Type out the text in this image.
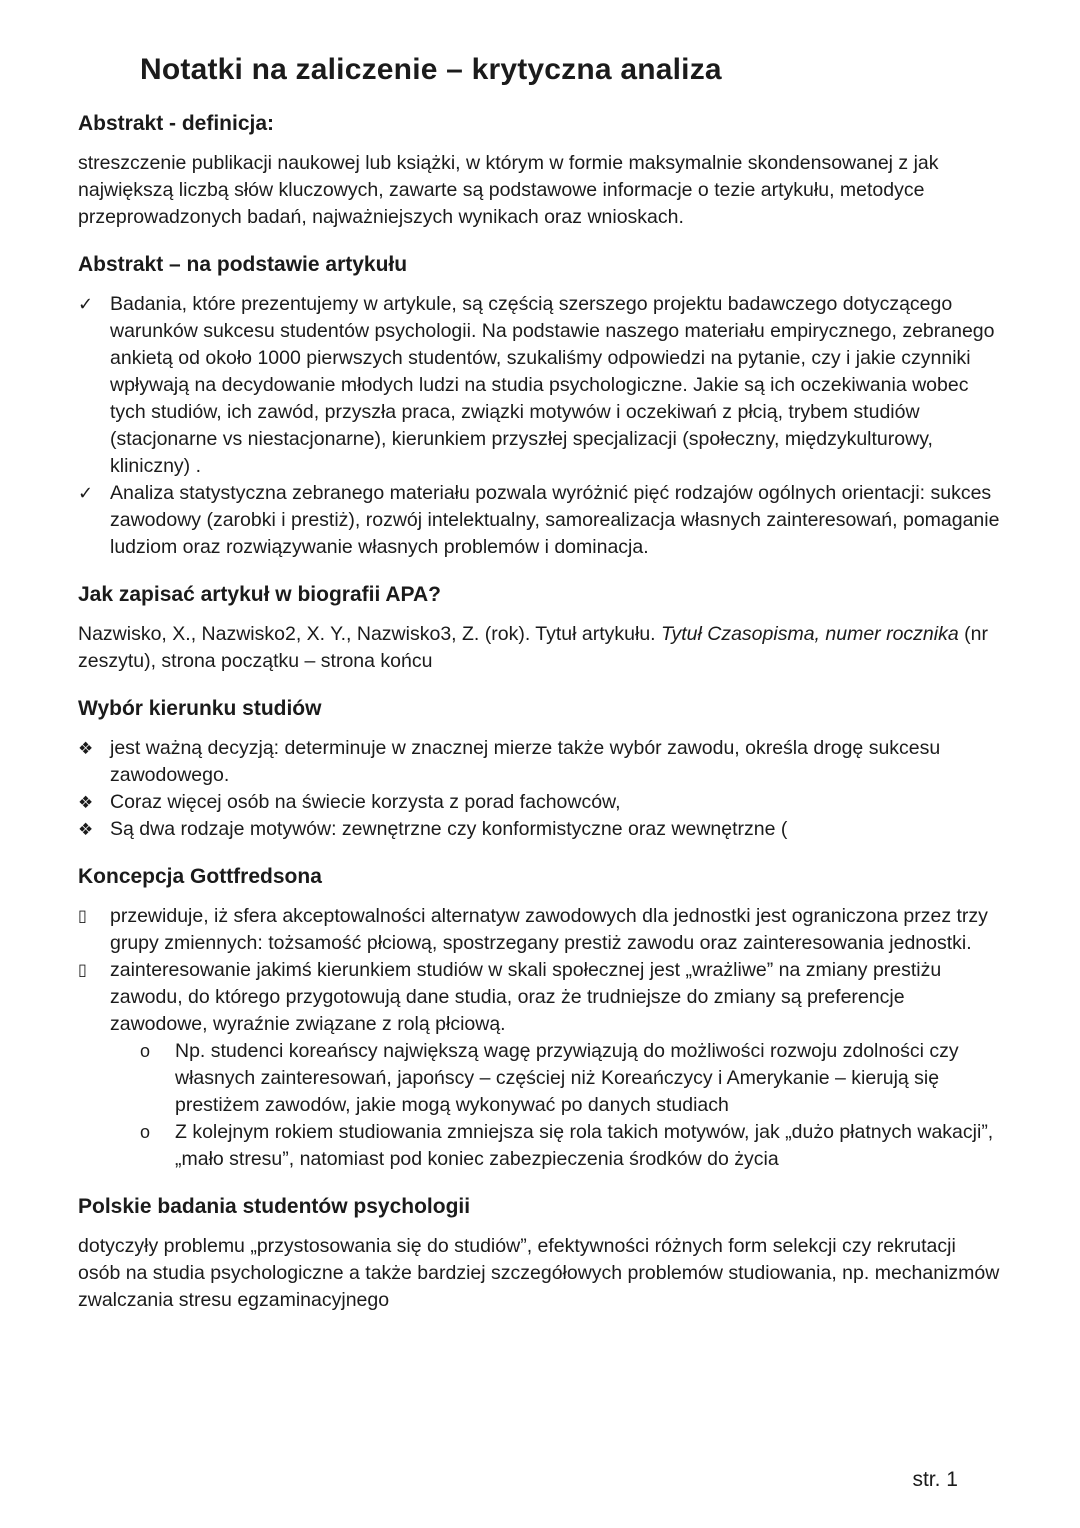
Notatki na zaliczenie – krytyczna analiza
Abstrakt - definicja:

streszczenie publikacji naukowej lub książki, w którym w formie maksymalnie skondensowanej z jak największą liczbą słów kluczowych, zawarte są podstawowe informacje o tezie artykułu, metodyce przeprowadzonych badań, najważniejszych wynikach oraz wnioskach.

Abstrakt – na podstawie artykułu
✓ Badania, które prezentujemy w artykule, są częścią szerszego projektu badawczego dotyczącego warunków sukcesu studentów psychologii. Na podstawie naszego materiału empirycznego, zebranego ankietą od około 1000 pierwszych studentów, szukaliśmy odpowiedzi na pytanie, czy i jakie czynniki wpływają na decydowanie młodych ludzi na studia psychologiczne. Jakie są ich oczekiwania wobec tych studiów, ich zawód, przyszła praca, związki motywów i oczekiwań z płcią, trybem studiów (stacjonarne vs niestacjonarne), kierunkiem przyszłej specjalizacji (społeczny, międzykulturowy, kliniczny) .
✓ Analiza statystyczna zebranego materiału pozwala wyróżnić pięć rodzajów ogólnych orientacji: sukces zawodowy (zarobki i prestiż), rozwój intelektualny, samorealizacja własnych zainteresowań, pomaganie ludziom oraz rozwiązywanie własnych problemów i dominacja.
Jak zapisać artykuł w biografii APA?

Nazwisko, X., Nazwisko2, X. Y., Nazwisko3, Z. (rok). Tytuł artykułu. Tytuł Czasopisma, numer rocznika (nr zeszytu), strona początku – strona końcu

Wybór kierunku studiów
❖ jest ważną decyzją: determinuje w znacznej mierze także wybór zawodu, określa drogę sukcesu zawodowego.
❖ Coraz więcej osób na świecie korzysta z porad fachowców,
❖ Są dwa rodzaje motywów: zewnętrzne czy konformistyczne oraz wewnętrzne (
Koncepcja Gottfredsona
▯	przewiduje, iż sfera akceptowalności alternatyw zawodowych dla jednostki jest ograniczona przez trzy grupy zmiennych: tożsamość płciową, spostrzegany prestiż zawodu oraz zainteresowania jednostki.
▯	zainteresowanie jakimś kierunkiem studiów w skali społecznej jest „wrażliwe” na zmiany prestiżu zawodu, do którego przygotowują dane studia, oraz że trudniejsze do zmiany są preferencje zawodowe, wyraźnie związane z rolą płciową.
o	Np. studenci koreańscy największą wagę przywiązują do możliwości rozwoju zdolności czy własnych zainteresowań, japońscy – częściej niż Koreańczycy i Amerykanie – kierują się prestiżem zawodów, jakie mogą wykonywać po danych studiach
o	Z kolejnym rokiem studiowania zmniejsza się rola takich motywów, jak „dużo płatnych wakacji”, „mało stresu”, natomiast pod koniec zabezpieczenia środków do życia
Polskie badania studentów psychologii

dotyczyły problemu „przystosowania się do studiów”, efektywności różnych form selekcji czy rekrutacji osób na studia psychologiczne a także bardziej szczegółowych problemów studiowania, np. mechanizmów zwalczania stresu egzaminacyjnego

str. 1
